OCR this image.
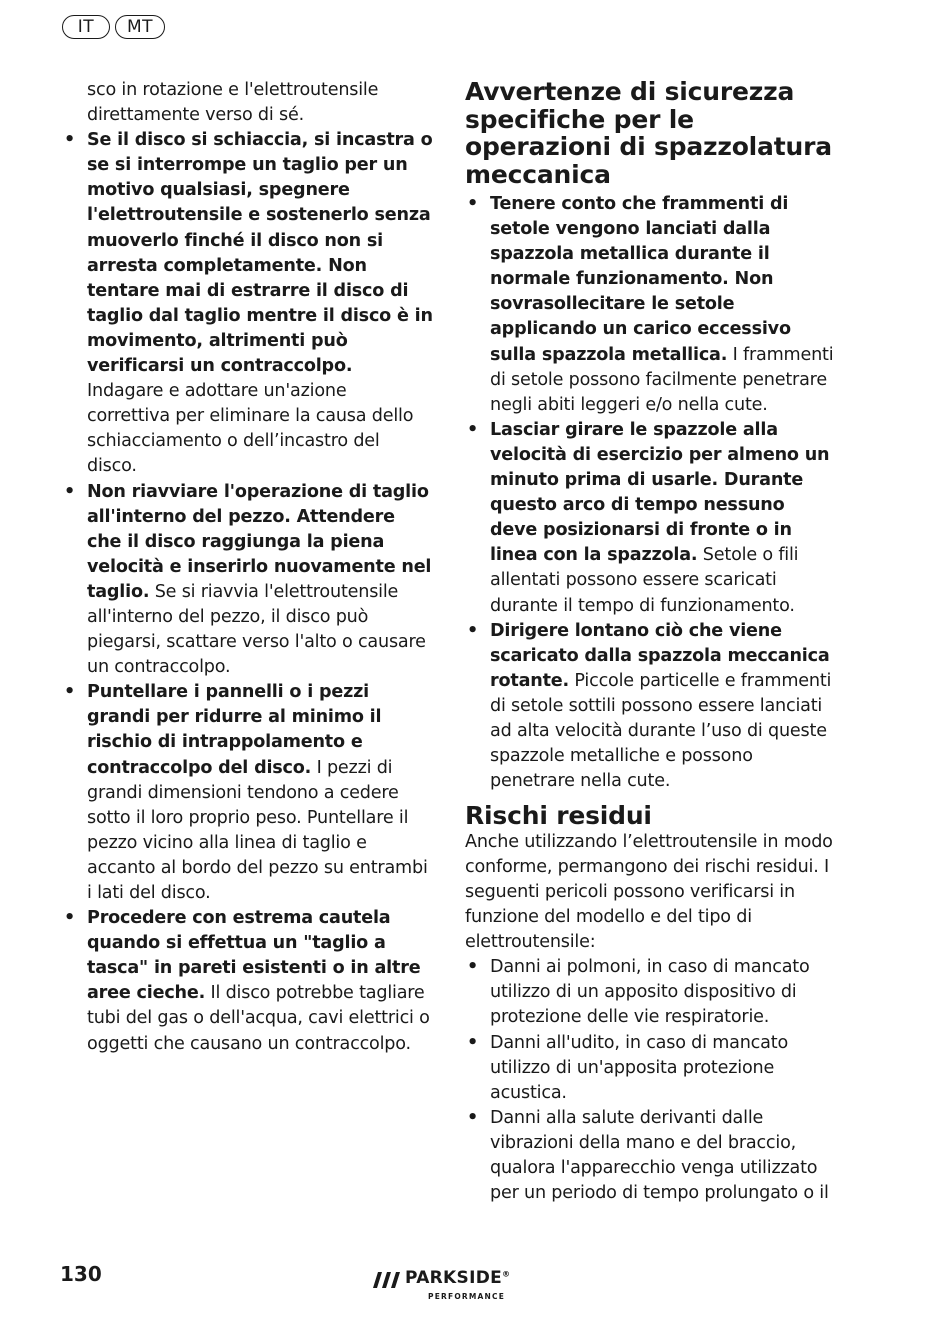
IT MT

sco in rotazione e l'elettroutensile direttamente verso di sé.

• Se il disco si schiaccia, si incastra o se si interrompe un taglio per un motivo qualsiasi, spegnere l'elettroutensile e sostenerlo senza muoverlo finché il disco non si arresta completamente. Non tentare mai di estrarre il disco di taglio dal taglio mentre il disco è in movimento, altrimenti può verificarsi un contraccolpo. Indagare e adottare un'azione correttiva per eliminare la causa dello schiacciamento o dell’incastro del disco.
• Non riavviare l'operazione di taglio all'interno del pezzo. Attendere che il disco raggiunga la piena velocità e inserirlo nuovamente nel taglio. Se si riavvia l'elettroutensile all'interno del pezzo, il disco può piegarsi, scattare verso l'alto o causare un contraccolpo.
• Puntellare i pannelli o i pezzi grandi per ridurre al minimo il rischio di intrappolamento e contraccolpo del disco. I pezzi di grandi dimensioni tendono a cedere sotto il loro proprio peso. Puntellare il pezzo vicino alla linea di taglio e accanto al bordo del pezzo su entrambi i lati del disco.
• Procedere con estrema cautela quando si effettua un "taglio a tasca" in pareti esistenti o in altre aree cieche. Il disco potrebbe tagliare tubi del gas o dell'acqua, cavi elettrici o oggetti che causano un contraccolpo.
Avvertenze di sicurezza specifiche per le operazioni di spazzolatura meccanica
• Tenere conto che frammenti di setole vengono lanciati dalla spazzola metallica durante il normale funzionamento. Non sovrasollecitare le setole applicando un carico eccessivo sulla spazzola metallica. I frammenti di setole possono facilmente penetrare negli abiti leggeri e/o nella cute.
• Lasciar girare le spazzole alla velocità di esercizio per almeno un minuto prima di usarle. Durante questo arco di tempo nessuno deve posizionarsi di fronte o in linea con la spazzola. Setole o fili allentati possono essere scaricati durante il tempo di funzionamento.
• Dirigere lontano ciò che viene scaricato dalla spazzola meccanica rotante. Piccole particelle e frammenti di setole sottili possono essere lanciati ad alta velocità durante l’uso di queste spazzole metalliche e possono penetrare nella cute.
Rischi residui

Anche utilizzando l’elettroutensile in modo conforme, permangono dei rischi residui. I seguenti pericoli possono verificarsi in funzione del modello e del tipo di elettroutensile:

• Danni ai polmoni, in caso di mancato utilizzo di un apposito dispositivo di protezione delle vie respiratorie.
• Danni all'udito, in caso di mancato utilizzo di un'apposita protezione acustica.
• Danni alla salute derivanti dalle vibrazioni della mano e del braccio, qualora l'apparecchio venga utilizzato per un periodo di tempo prolungato o il
130	PARKSIDE®
PERFORMANCE
